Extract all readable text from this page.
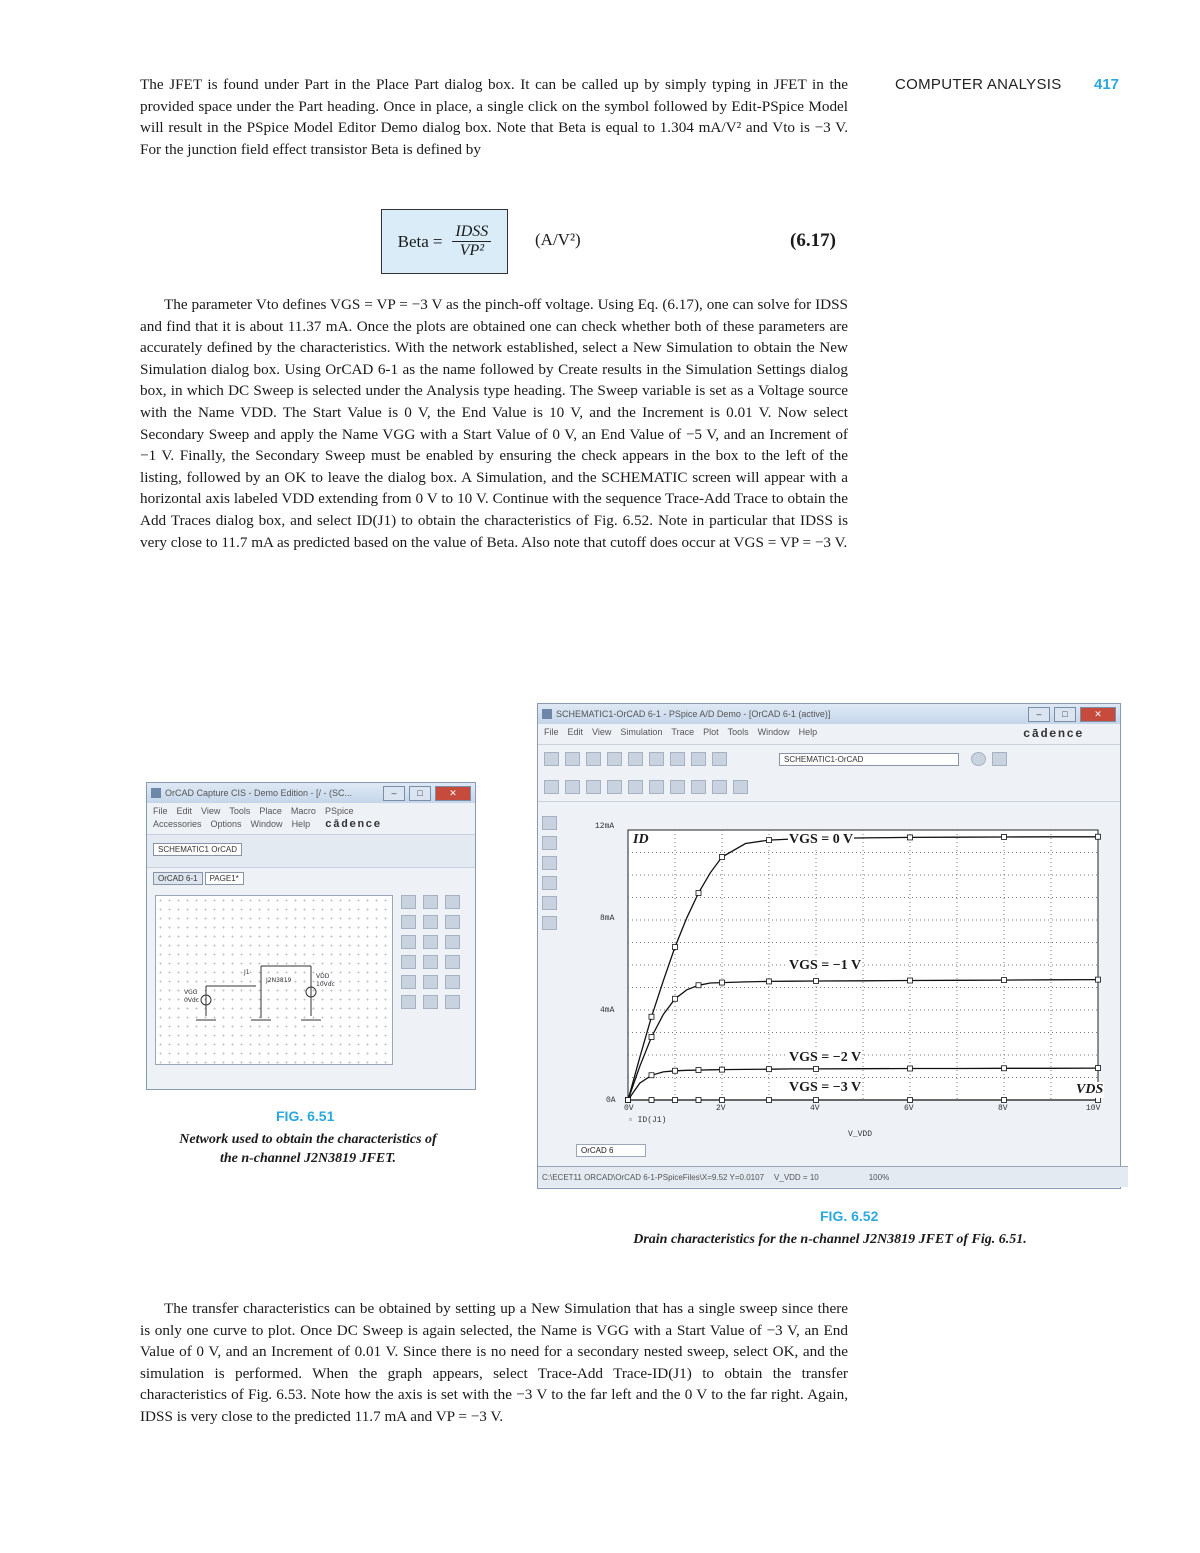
COMPUTER ANALYSIS 417

The JFET is found under Part in the Place Part dialog box. It can be called up by simply typing in JFET in the provided space under the Part heading. Once in place, a single click on the symbol followed by Edit-PSpice Model will result in the PSpice Model Editor Demo dialog box. Note that Beta is equal to 1.304 mA/V² and Vto is −3 V. For the junction field effect transistor Beta is defined by

Beta = $\frac{\text{IDSS}}{\text{VP²}}$	(A/V²)	(6.17)

The parameter Vto defines VGS = VP = −3 V as the pinch-off voltage. Using Eq. (6.17), one can solve for IDSS and find that it is about 11.37 mA. Once the plots are obtained one can check whether both of these parameters are accurately defined by the characteristics. With the network established, select a New Simulation to obtain the New Simulation dialog box. Using OrCAD 6-1 as the name followed by Create results in the Simulation Settings dialog box, in which DC Sweep is selected under the Analysis type heading. The Sweep variable is set as a Voltage source with the Name VDD. The Start Value is 0 V, the End Value is 10 V, and the Increment is 0.01 V. Now select Secondary Sweep and apply the Name VGG with a Start Value of 0 V, an End Value of −5 V, and an Increment of −1 V. Finally, the Secondary Sweep must be enabled by ensuring the check appears in the box to the left of the listing, followed by an OK to leave the dialog box. A Simulation, and the SCHEMATIC screen will appear with a horizontal axis labeled VDD extending from 0 V to 10 V. Continue with the sequence Trace-Add Trace to obtain the Add Traces dialog box, and select ID(J1) to obtain the characteristics of Fig. 6.52. Note in particular that IDSS is very close to 11.7 mA as predicted based on the value of Beta. Also note that cutoff does occur at VGS = VP = −3 V.

OrCAD Capture CIS - Demo Edition - [/ - (SC...	–	□	✕
File Edit View Tools Place Macro PSpice
Accessories Options Window Help cādence
SCHEMATIC1 OrCAD
OrCAD 6-1	PAGE1*
J1
J2N3819
VDD
10Vdc
VGG
0Vdc
FIG. 6.51
Network used to obtain the characteristics of
the n-channel J2N3819 JFET.
SCHEMATIC1-OrCAD 6-1 - PSpice A/D Demo - [OrCAD 6-1 (active)]	–	□	✕
File Edit View Simulation Trace Plot Tools Window Help	cādence
SCHEMATIC1-OrCAD
OrCAD 6
C:\ECET11 ORCAD\OrCAD 6-1-PSpiceFiles\X=9.52 Y=0.0107 V_VDD = 10	100%
12mA
8mA
4mA
0A
0V	2V	4V	6V	8V	10V
▫ ID(J1)
V_VDD
ID
VDS
VGS = 0 V
VGS = −1 V
VGS = −2 V
VGS = −3 V
FIG. 6.52
Drain characteristics for the n-channel J2N3819 JFET of Fig. 6.51.

The transfer characteristics can be obtained by setting up a New Simulation that has a single sweep since there is only one curve to plot. Once DC Sweep is again selected, the Name is VGG with a Start Value of −3 V, an End Value of 0 V, and an Increment of 0.01 V. Since there is no need for a secondary nested sweep, select OK, and the simulation is performed. When the graph appears, select Trace-Add Trace-ID(J1) to obtain the transfer characteristics of Fig. 6.53. Note how the axis is set with the −3 V to the far left and the 0 V to the far right. Again, IDSS is very close to the predicted 11.7 mA and VP = −3 V.
